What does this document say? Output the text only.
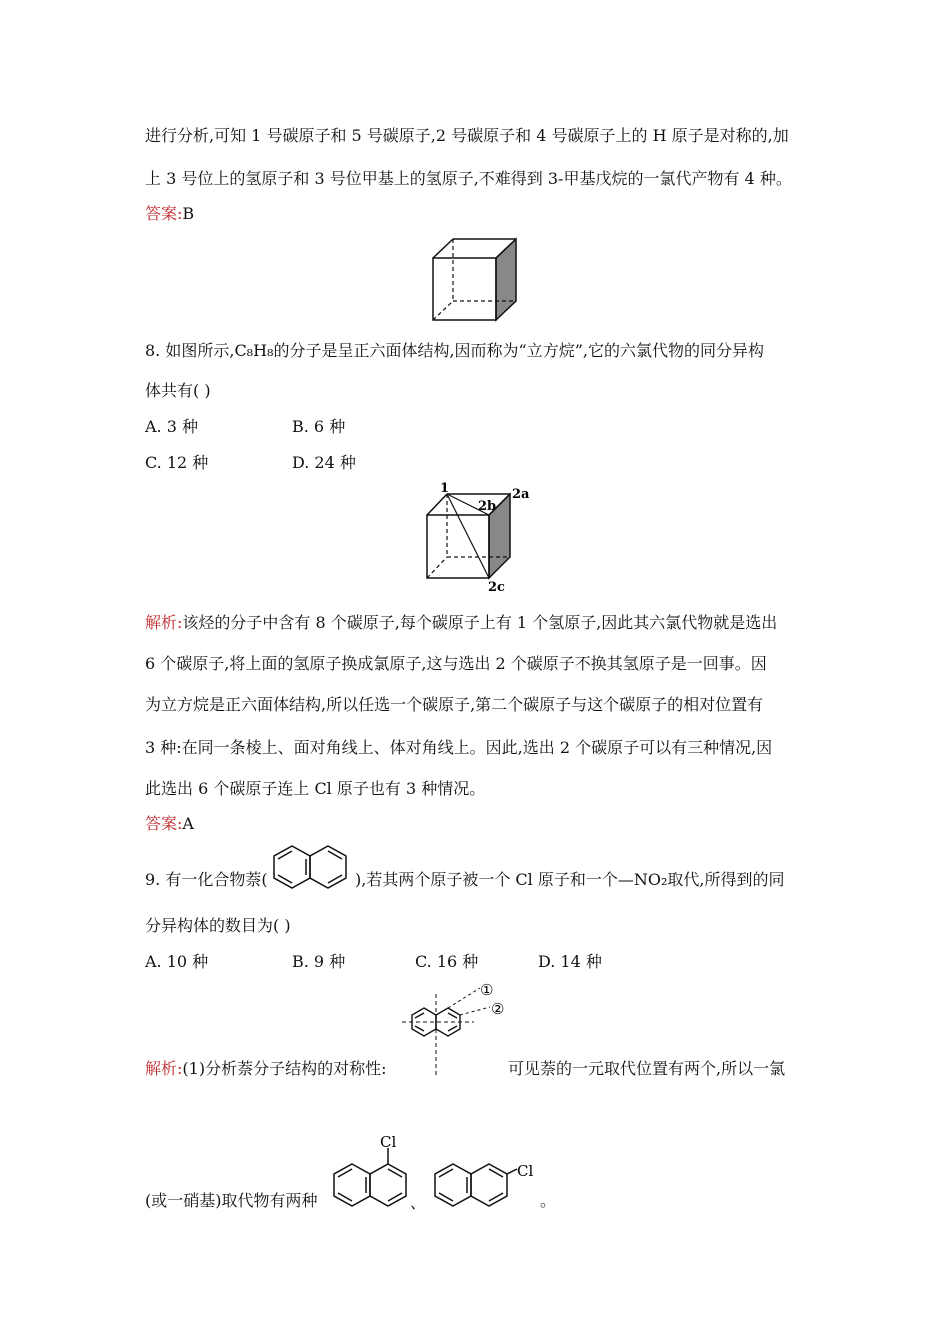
进行分析,可知 1 号碳原子和 5 号碳原子,2 号碳原子和 4 号碳原子上的 H 原子是对称的,加
上 3 号位上的氢原子和 3 号位甲基上的氢原子,不难得到 3-甲基戊烷的一氯代产物有 4 种。
答案:B
8. 如图所示,C₈H₈的分子是呈正六面体结构,因而称为“立方烷”,它的六氯代物的同分异构
体共有( )
A. 3 种	B. 6 种
C. 12 种	D. 24 种
1
2b
2a
2c
解析:该烃的分子中含有 8 个碳原子,每个碳原子上有 1 个氢原子,因此其六氯代物就是选出
6 个碳原子,将上面的氢原子换成氯原子,这与选出 2 个碳原子不换其氢原子是一回事。因
为立方烷是正六面体结构,所以任选一个碳原子,第二个碳原子与这个碳原子的相对位置有
3 种:在同一条棱上、面对角线上、体对角线上。因此,选出 2 个碳原子可以有三种情况,因
此选出 6 个碳原子连上 Cl 原子也有 3 种情况。
答案:A
9. 有一化合物萘(	),若其两个原子被一个 Cl 原子和一个—NO₂取代,所得到的同
分异构体的数目为( )
A. 10 种	B. 9 种	C. 16 种	D. 14 种
①
②
解析:(1)分析萘分子结构的对称性:	可见萘的一元取代位置有两个,所以一氯
(或一硝基)取代物有两种
Cl
、
Cl
。
